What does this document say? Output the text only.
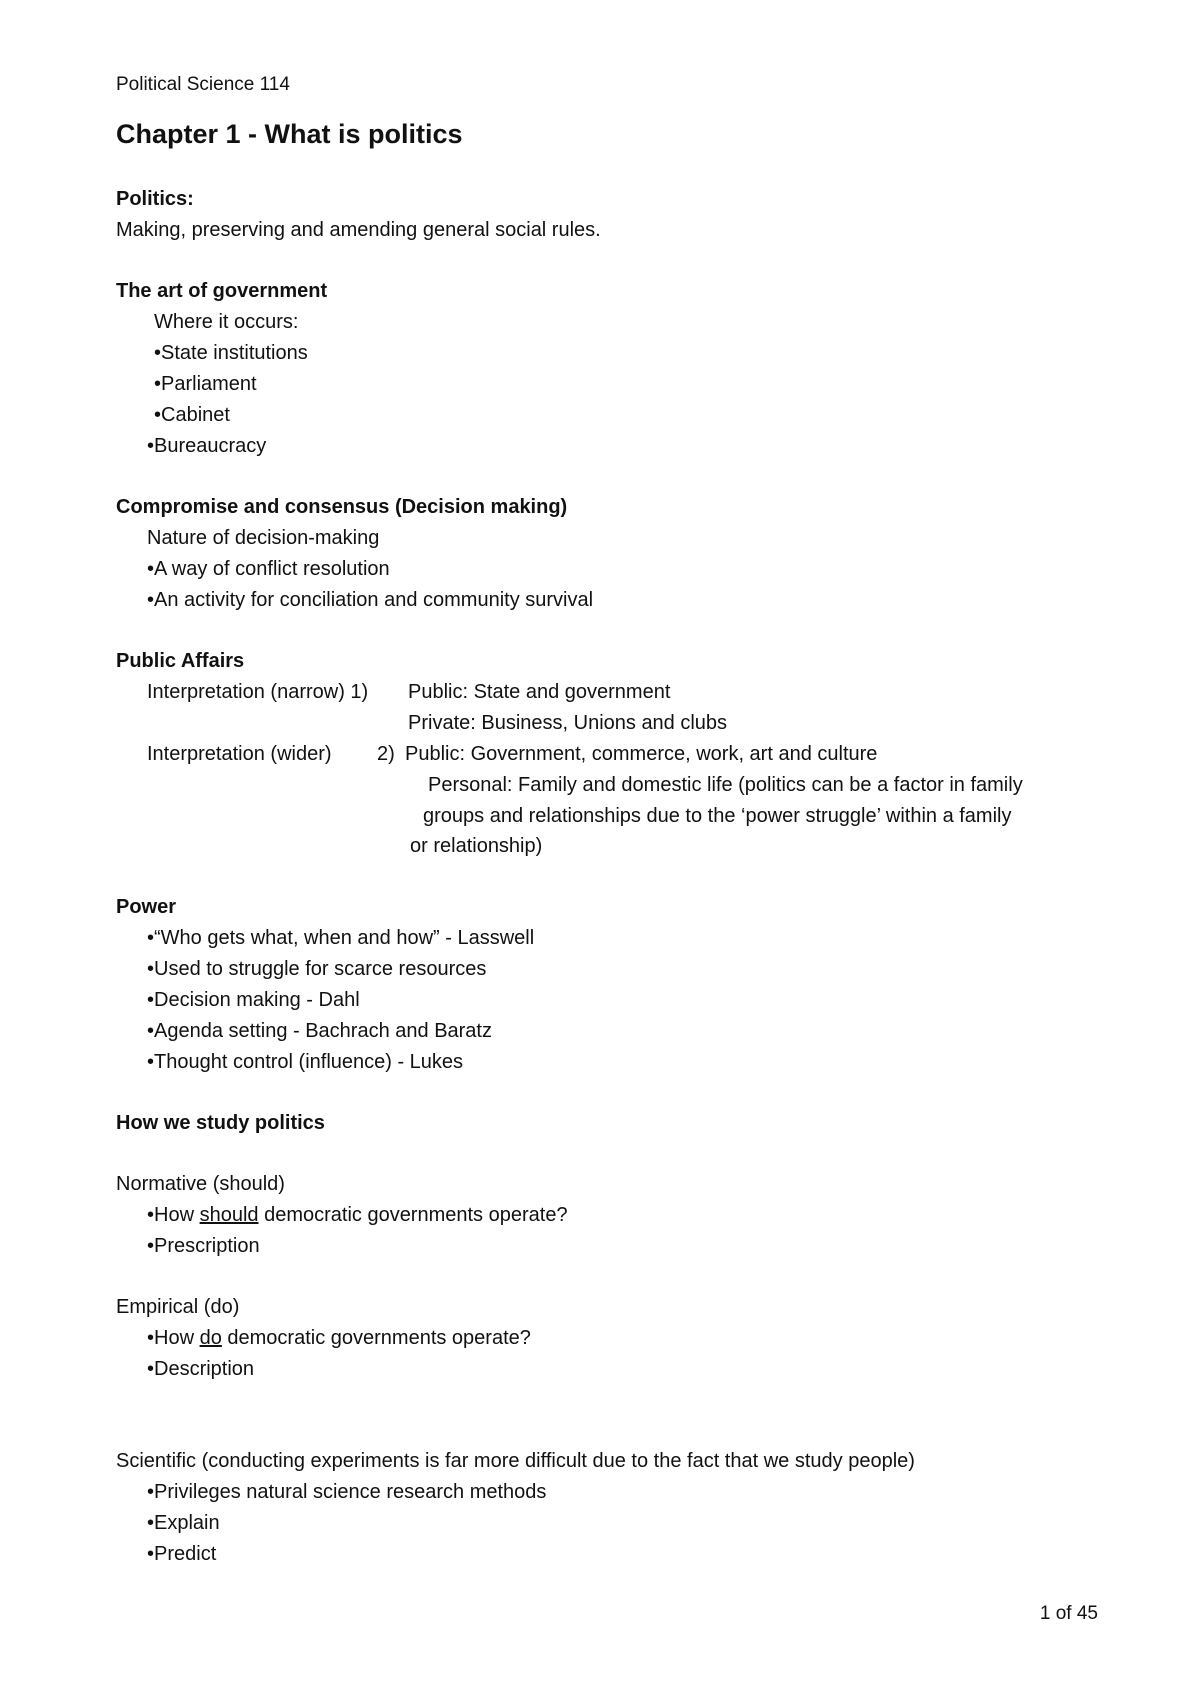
Political Science 114
Chapter 1 - What is politics
Politics:
Making, preserving and amending general social rules.
The art of government
Where it occurs:
•State institutions
•Parliament
•Cabinet
•Bureaucracy
Compromise and consensus (Decision making)
Nature of decision-making
•A way of conflict resolution
•An activity for conciliation and community survival
Public Affairs
Interpretation (narrow) 1) Public: State and government
Private: Business, Unions and clubs
Interpretation (wider) 2) Public: Government, commerce, work, art and culture
Personal: Family and domestic life (politics can be a factor in family
groups and relationships due to the ‘power struggle’ within a family
or relationship)
Power
•“Who gets what, when and how” - Lasswell
•Used to struggle for scarce resources
•Decision making - Dahl
•Agenda setting - Bachrach and Baratz
•Thought control (influence) - Lukes
How we study politics
Normative (should)
•How should democratic governments operate?
•Prescription
Empirical (do)
•How do democratic governments operate?
•Description
Scientific (conducting experiments is far more difficult due to the fact that we study people)
•Privileges natural science research methods
•Explain
•Predict
1 of 45
